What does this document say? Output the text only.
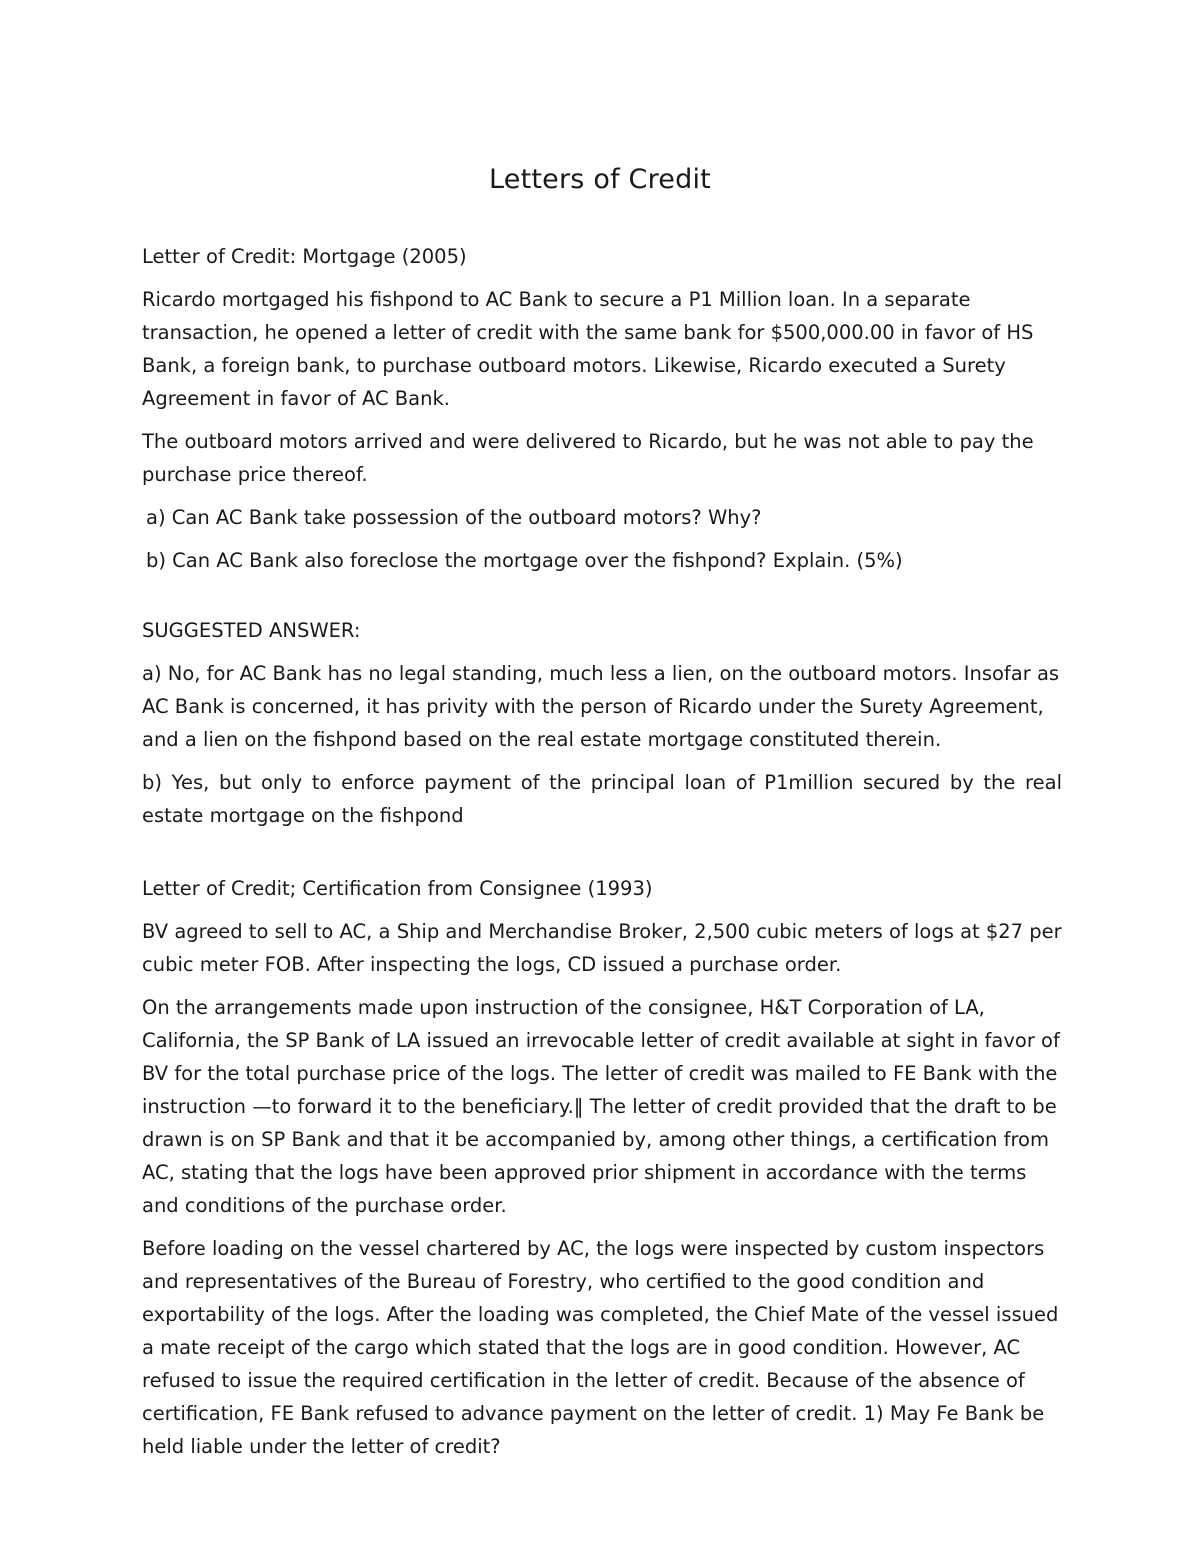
Letters of Credit

Letter of Credit: Mortgage (2005)

Ricardo mortgaged his fishpond to AC Bank to secure a P1 Million loan. In a separate transaction, he opened a letter of credit with the same bank for $500,000.00 in favor of HS Bank, a foreign bank, to purchase outboard motors. Likewise, Ricardo executed a Surety Agreement in favor of AC Bank.

The outboard motors arrived and were delivered to Ricardo, but he was not able to pay the purchase price thereof.

a) Can AC Bank take possession of the outboard motors? Why?

b) Can AC Bank also foreclose the mortgage over the fishpond? Explain. (5%)

SUGGESTED ANSWER:

a) No, for AC Bank has no legal standing, much less a lien, on the outboard motors. Insofar as AC Bank is concerned, it has privity with the person of Ricardo under the Surety Agreement, and a lien on the fishpond based on the real estate mortgage constituted therein.

b) Yes, but only to enforce payment of the principal loan of P1million secured by the real estate mortgage on the fishpond

Letter of Credit; Certification from Consignee (1993)

BV agreed to sell to AC, a Ship and Merchandise Broker, 2,500 cubic meters of logs at $27 per cubic meter FOB. After inspecting the logs, CD issued a purchase order.

On the arrangements made upon instruction of the consignee, H&T Corporation of LA, California, the SP Bank of LA issued an irrevocable letter of credit available at sight in favor of BV for the total purchase price of the logs. The letter of credit was mailed to FE Bank with the instruction —to forward it to the beneficiary.‖ The letter of credit provided that the draft to be drawn is on SP Bank and that it be accompanied by, among other things, a certification from AC, stating that the logs have been approved prior shipment in accordance with the terms and conditions of the purchase order.

Before loading on the vessel chartered by AC, the logs were inspected by custom inspectors and representatives of the Bureau of Forestry, who certified to the good condition and exportability of the logs. After the loading was completed, the Chief Mate of the vessel issued a mate receipt of the cargo which stated that the logs are in good condition. However, AC refused to issue the required certification in the letter of credit. Because of the absence of certification, FE Bank refused to advance payment on the letter of credit. 1) May Fe Bank be held liable under the letter of credit?
